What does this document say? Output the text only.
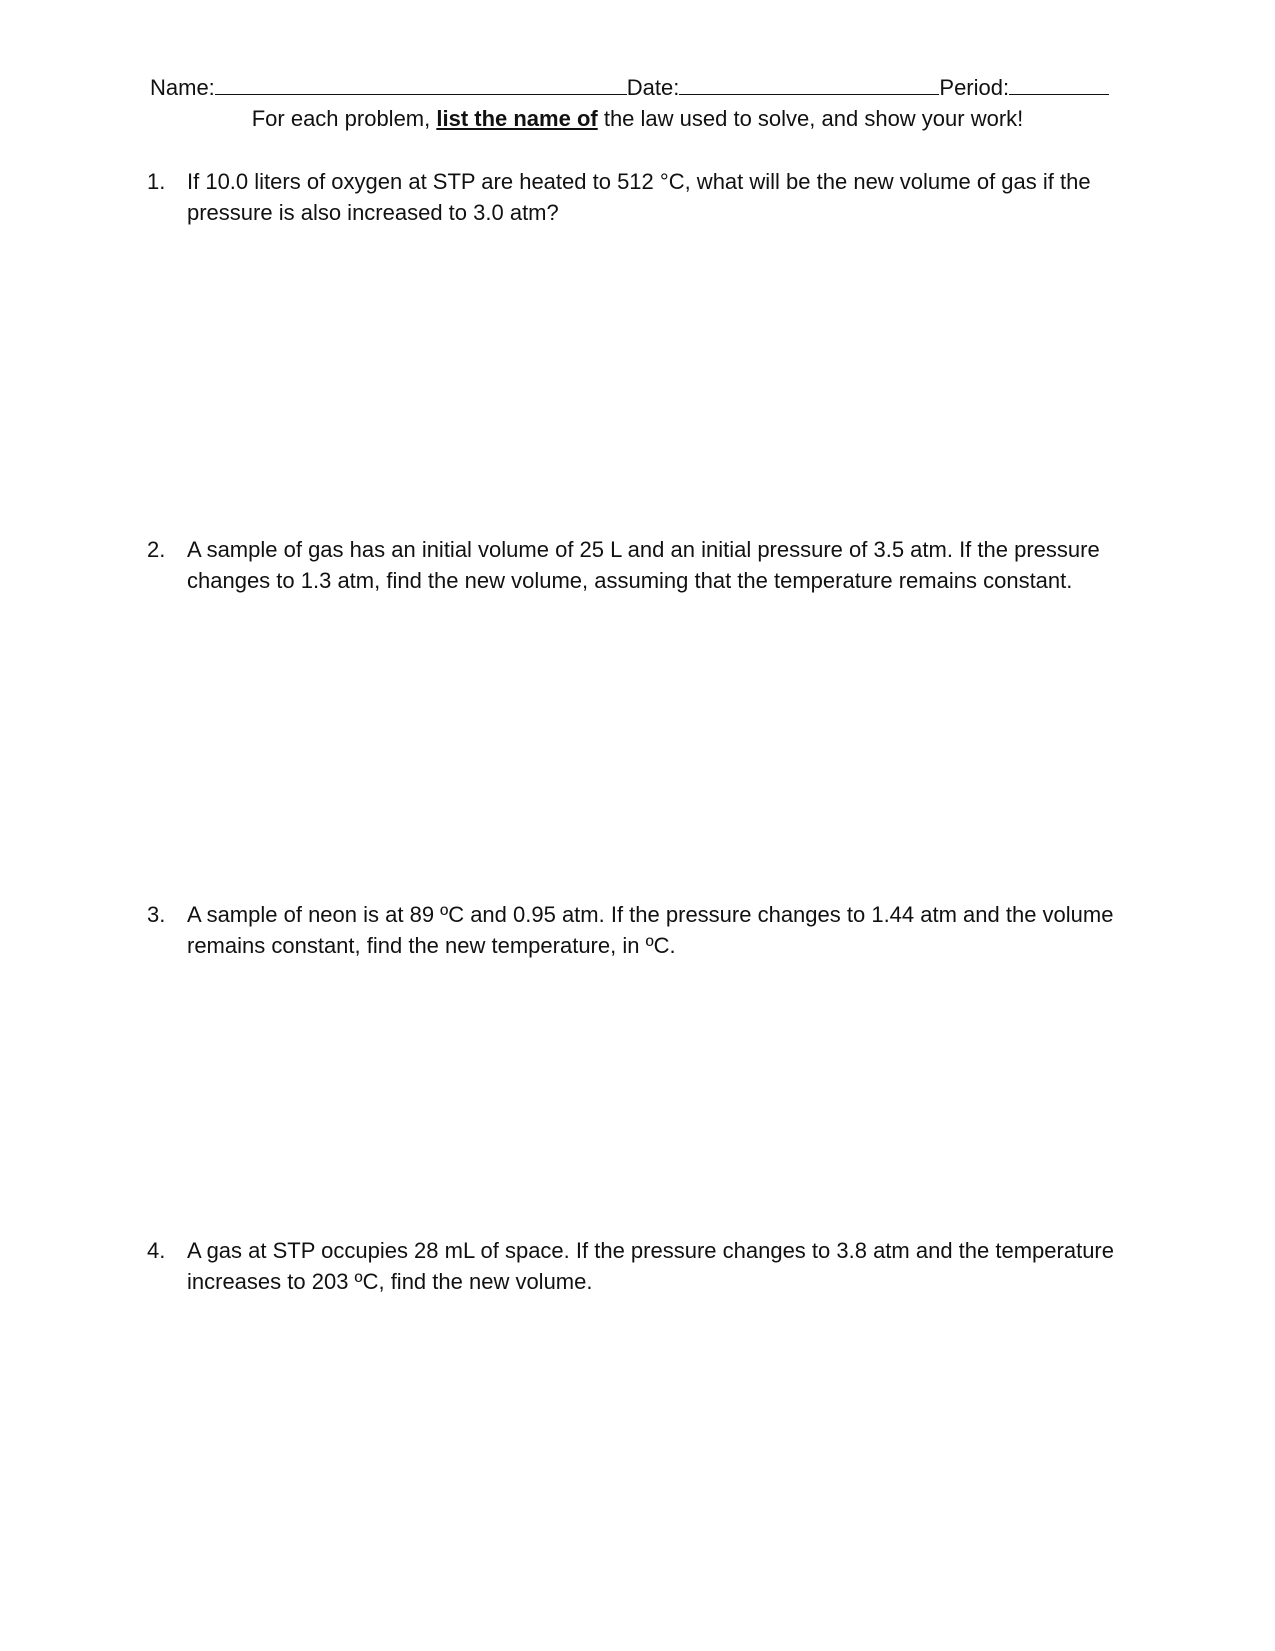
Name:	Date:	Period:
For each problem, list the name of the law used to solve, and show your work!
1. If 10.0 liters of oxygen at STP are heated to 512 °C, what will be the new volume of gas if the pressure is also increased to 3.0 atm?
2. A sample of gas has an initial volume of 25 L and an initial pressure of 3.5 atm. If the pressure changes to 1.3 atm, find the new volume, assuming that the temperature remains constant.
3. A sample of neon is at 89 ºC and 0.95 atm. If the pressure changes to 1.44 atm and the volume remains constant, find the new temperature, in ºC.
4. A gas at STP occupies 28 mL of space. If the pressure changes to 3.8 atm and the temperature increases to 203 ºC, find the new volume.
